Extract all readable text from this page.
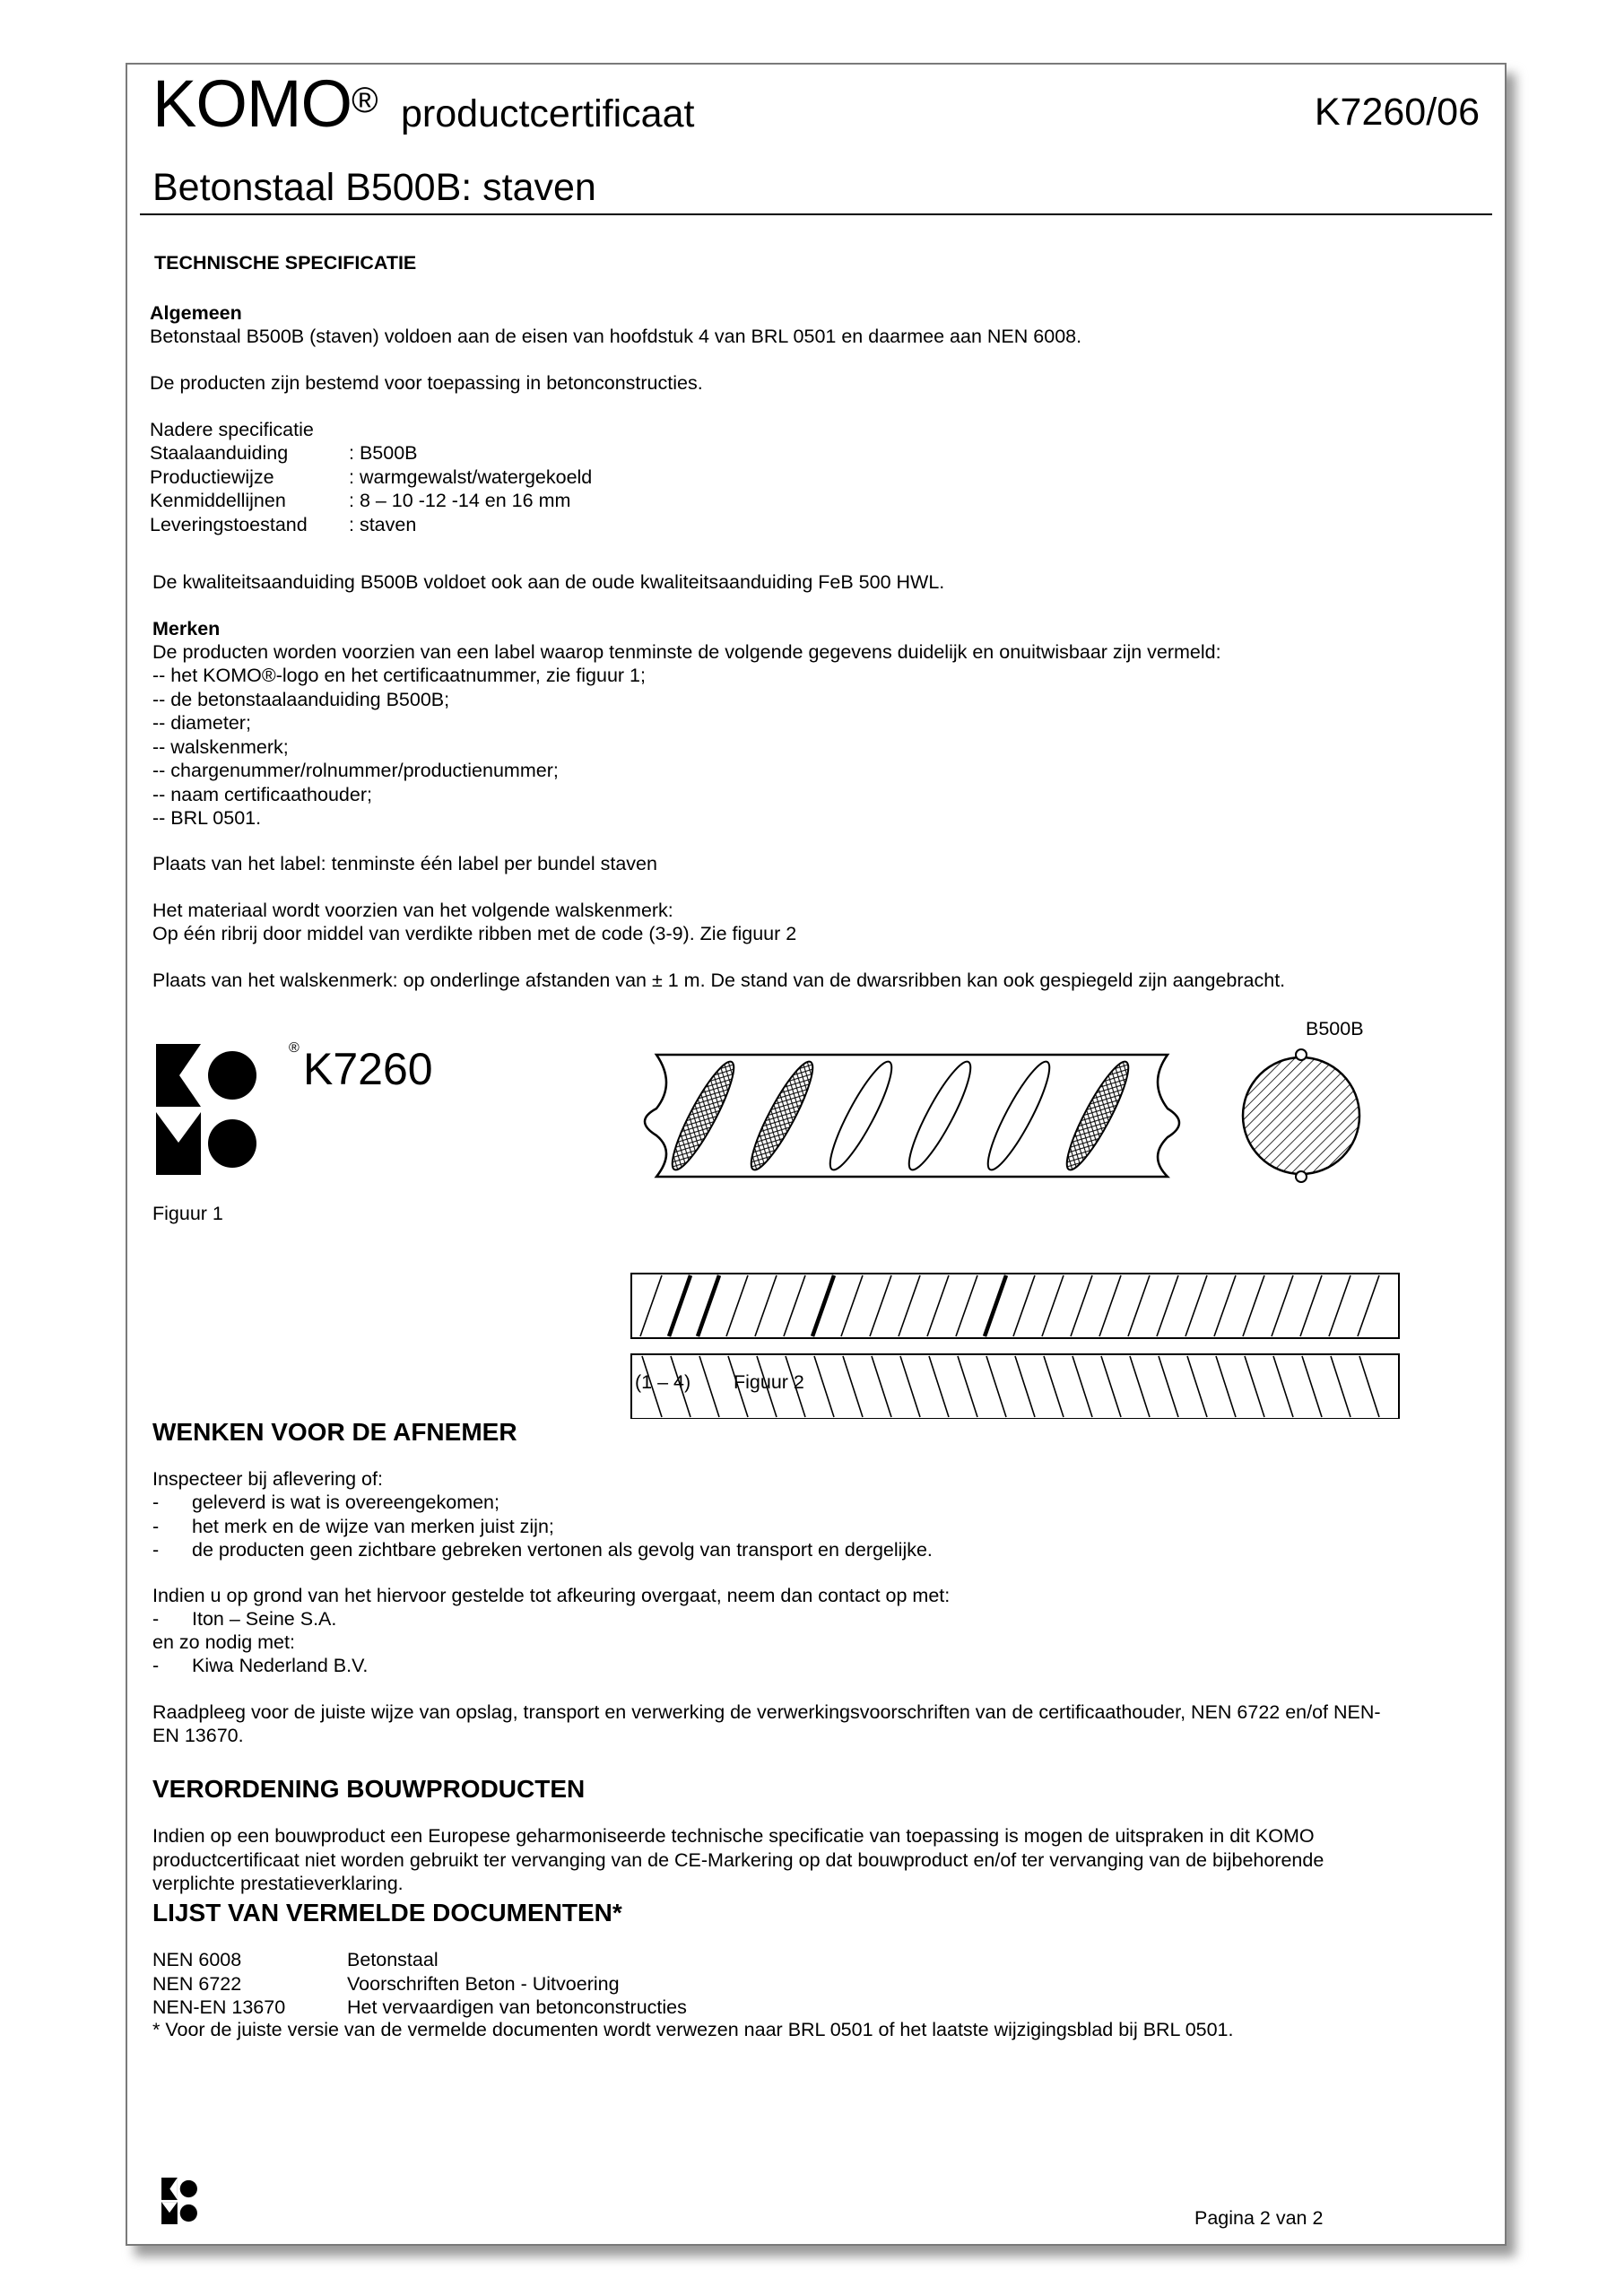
KOMO® productcertificaat	K7260/06
Betonstaal B500B: staven
TECHNISCHE SPECIFICATIE
Algemeen
Betonstaal B500B (staven) voldoen aan de eisen van hoofdstuk 4 van BRL 0501 en daarmee aan NEN 6008.
De producten zijn bestemd voor toepassing in betonconstructies.
Nadere specificatie
Staalaanduiding	: B500B
Productiewijze	: warmgewalst/watergekoeld
Kenmiddellijnen	: 8 – 10 -12 -14 en 16 mm
Leveringstoestand : staven
De kwaliteitsaanduiding B500B voldoet ook aan de oude kwaliteitsaanduiding FeB 500 HWL.
Merken
De producten worden voorzien van een label waarop tenminste de volgende gegevens duidelijk en onuitwisbaar zijn vermeld:
-- het KOMO®-logo en het certificaatnummer, zie figuur 1;
-- de betonstaalaanduiding B500B;
-- diameter;
-- walskenmerk;
-- chargenummer/rolnummer/productienummer;
-- naam certificaathouder;
-- BRL 0501.
Plaats van het label: tenminste één label per bundel staven
Het materiaal wordt voorzien van het volgende walskenmerk:
Op één ribrij door middel van verdikte ribben met de code (3-9). Zie figuur 2
Plaats van het walskenmerk: op onderlinge afstanden van ± 1 m. De stand van de dwarsribben kan ook gespiegeld zijn aangebracht.
® K7260
Figuur 1
B500B
(1 – 4) Figuur 2
WENKEN VOOR DE AFNEMER
Inspecteer bij aflevering of:
- geleverd is wat is overeengekomen;
- het merk en de wijze van merken juist zijn;
- de producten geen zichtbare gebreken vertonen als gevolg van transport en dergelijke.
Indien u op grond van het hiervoor gestelde tot afkeuring overgaat, neem dan contact op met:
- Iton – Seine S.A.
en zo nodig met:
- Kiwa Nederland B.V.
Raadpleeg voor de juiste wijze van opslag, transport en verwerking de verwerkingsvoorschriften van de certificaathouder, NEN 6722 en/of NEN-
EN 13670.
VERORDENING BOUWPRODUCTEN
Indien op een bouwproduct een Europese geharmoniseerde technische specificatie van toepassing is mogen de uitspraken in dit KOMO
productcertificaat niet worden gebruikt ter vervanging van de CE-Markering op dat bouwproduct en/of ter vervanging van de bijbehorende
verplichte prestatieverklaring.
LIJST VAN VERMELDE DOCUMENTEN*
NEN 6008	Betonstaal
NEN 6722	Voorschriften Beton - Uitvoering
NEN-EN 13670	Het vervaardigen van betonconstructies
* Voor de juiste versie van de vermelde documenten wordt verwezen naar BRL 0501 of het laatste wijzigingsblad bij BRL 0501.
Pagina 2 van 2
